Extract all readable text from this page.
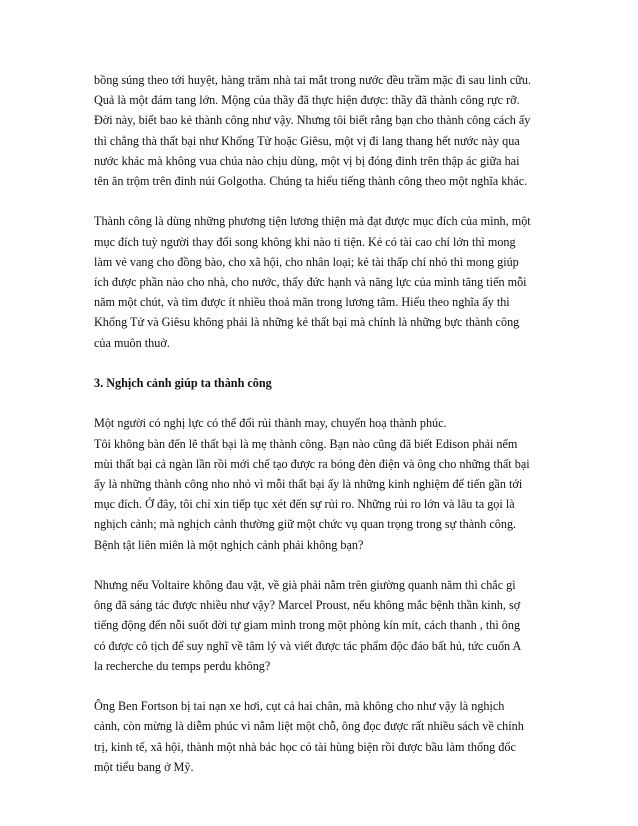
bồng súng theo tới huyệt, hàng trăm nhà tai mắt trong nước đều trầm mặc đi sau linh cữu.
Quả là một đám tang lớn. Mộng của thầy đã thực hiện được: thầy đã thành công rực rỡ.
Đời này, biết bao kẻ thành công như vậy. Nhưng tôi biết rằng bạn cho thành công cách ấy
thì chẳng thà thất bại như Khổng Tử hoặc Giêsu, một vị đi lang thang hết nước này qua
nước khác mà không vua chúa nào chịu dùng, một vị bị đóng đinh trên thập ác giữa hai
tên ăn trộm trên đỉnh núi Golgotha. Chúng ta hiểu tiếng thành công theo một nghĩa khác.
Thành công là dùng những phương tiện lương thiện mà đạt được mục đích của mình, một
mục đích tuỳ người thay đổi song không khi nào ti tiện. Kẻ có tài cao chí lớn thì mong
làm vẻ vang cho đồng bào, cho xã hội, cho nhân loại; kẻ tài thấp chí nhỏ thì mong giúp
ích được phần nào cho nhà, cho nước, thấy đức hạnh và năng lực của mình tăng tiến mỗi
năm một chút, và tìm được ít nhiều thoả mãn trong lương tâm. Hiểu theo nghĩa ấy thì
Khổng Tử và Giêsu không phải là những kẻ thất bại mà chính là những bực thành công
của muôn thuở.
3. Nghịch cảnh giúp ta thành công
Một người có nghị lực có thể đổi rủi thành may, chuyển hoạ thành phúc.
Tôi không bàn đến lẽ thất bại là mẹ thành công. Bạn nào cũng đã biết Edison phải nếm
mùi thất bại cả ngàn lần rồi mới chế tạo được ra bóng đèn điện và ông cho những thất bại
ấy là những thành công nho nhỏ vì mỗi thất bại ấy là những kinh nghiệm để tiến gần tới
mục đích. Ở đây, tôi chỉ xin tiếp tục xét đến sự rủi ro. Những rủi ro lớn và lâu ta gọi là
nghịch cảnh; mà nghịch cảnh thường giữ một chức vụ quan trọng trong sự thành công.
Bệnh tật liên miên là một nghịch cảnh phải không bạn?
Nhưng nếu Voltaire không đau vặt, về già phải nằm trên giường quanh năm thì chắc gì
ông đã sáng tác được nhiều như vậy? Marcel Proust, nếu không mắc bệnh thần kinh, sợ
tiếng động đến nỗi suốt đời tự giam mình trong một phòng kín mít, cách thanh , thì ông
có được cô tịch để suy nghĩ về tâm lý và viết được tác phẩm độc đáo bất hủ, tức cuốn A
la recherche du temps perdu không?
Ông Ben Fortson bị tai nạn xe hơi, cụt cả hai chân, mà không cho như vậy là nghịch
cảnh, còn mừng là diễm phúc vì nằm liệt một chỗ, ông đọc được rất nhiều sách về chính
trị, kinh tế, xã hội, thành một nhà bác học có tài hùng biện rồi được bầu làm thống đốc
một tiểu bang ở Mỹ.
